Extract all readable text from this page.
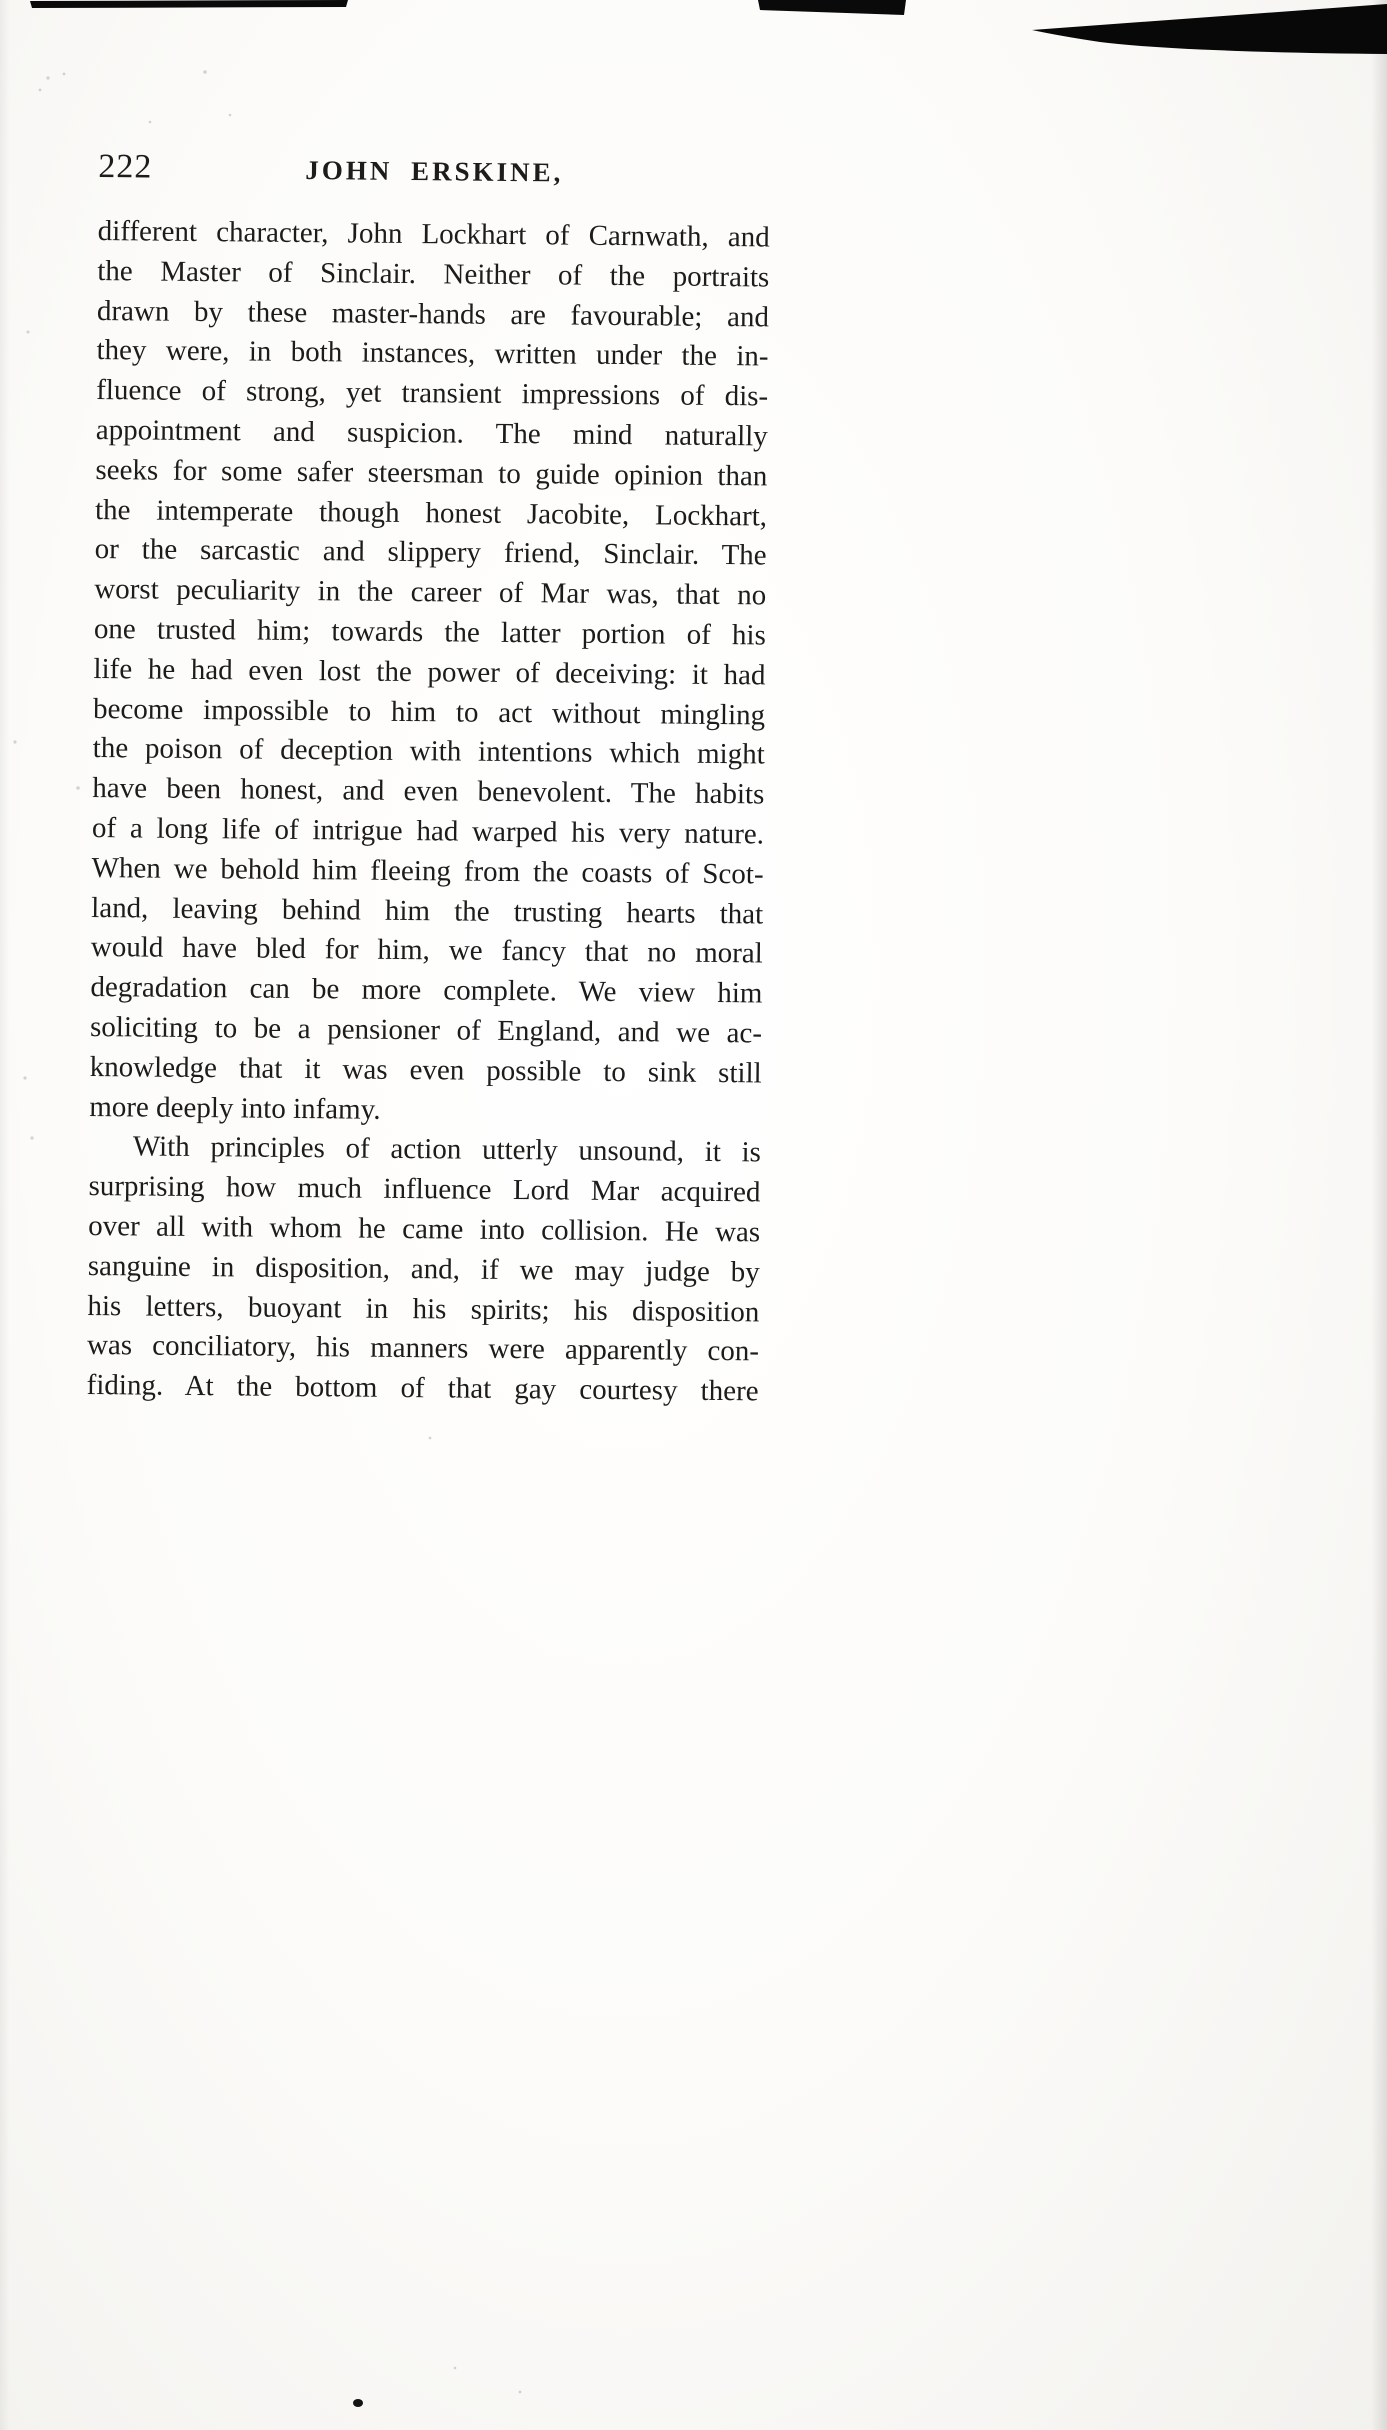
222	JOHN ERSKINE,
different character, John Lockhart of Carnwath, and
the Master of Sinclair. Neither of the portraits
drawn by these master-hands are favourable; and
they were, in both instances, written under the in-
fluence of strong, yet transient impressions of dis-
appointment and suspicion. The mind naturally
seeks for some safer steersman to guide opinion than
the intemperate though honest Jacobite, Lockhart,
or the sarcastic and slippery friend, Sinclair. The
worst peculiarity in the career of Mar was, that no
one trusted him; towards the latter portion of his
life he had even lost the power of deceiving: it had
become impossible to him to act without mingling
the poison of deception with intentions which might
have been honest, and even benevolent. The habits
of a long life of intrigue had warped his very nature.
When we behold him fleeing from the coasts of Scot-
land, leaving behind him the trusting hearts that
would have bled for him, we fancy that no moral
degradation can be more complete. We view him
soliciting to be a pensioner of England, and we ac-
knowledge that it was even possible to sink still
more deeply into infamy.
With principles of action utterly unsound, it is
surprising how much influence Lord Mar acquired
over all with whom he came into collision. He was
sanguine in disposition, and, if we may judge by
his letters, buoyant in his spirits; his disposition
was conciliatory, his manners were apparently con-
fiding. At the bottom of that gay courtesy there
